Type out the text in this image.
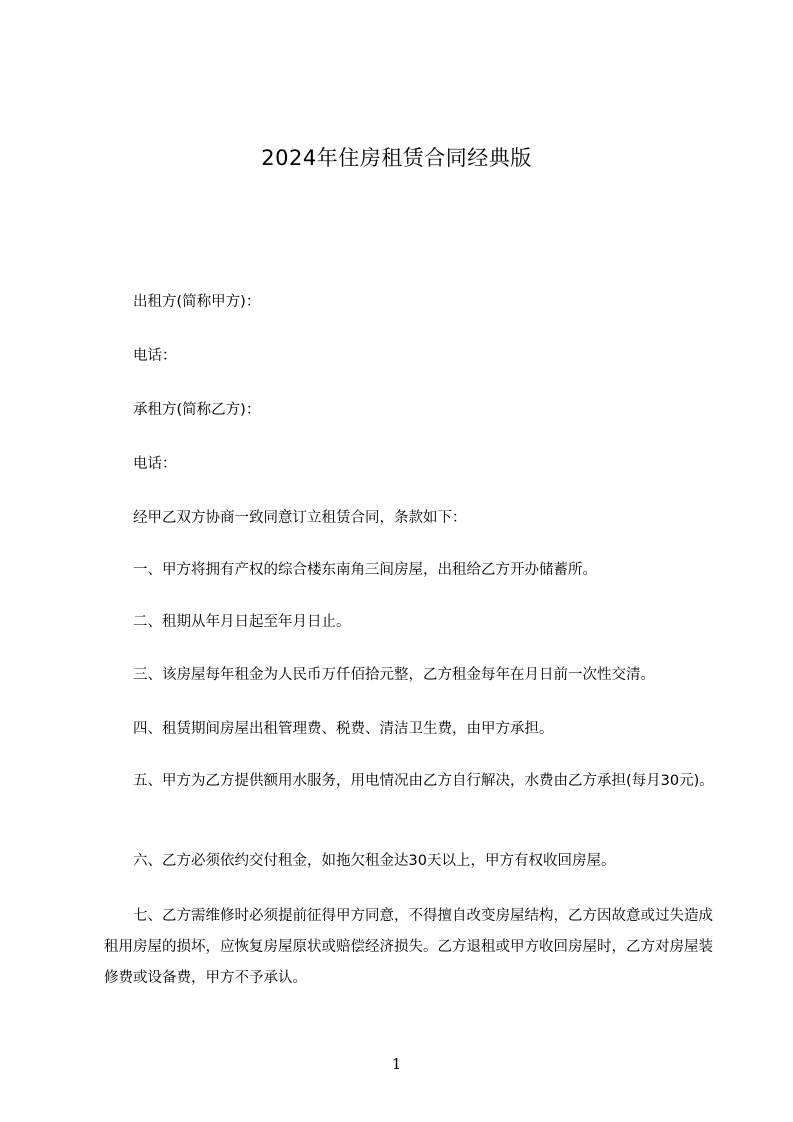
2024年住房租赁合同经典版

　　出租方(简称甲方)：

　　电话：

　　承租方(简称乙方)：

　　电话：

　　经甲乙双方协商一致同意订立租赁合同，条款如下：

　　一、甲方将拥有产权的综合楼东南角三间房屋，出租给乙方开办储蓄所。

　　二、租期从年月日起至年月日止。

　　三、该房屋每年租金为人民币万仟佰拾元整，乙方租金每年在月日前一次性交清。

　　四、租赁期间房屋出租管理费、税费、清洁卫生费，由甲方承担。

　　五、甲方为乙方提供额用水服务，用电情况由乙方自行解决，水费由乙方承担(每月30元)。

　　六、乙方必须依约交付租金，如拖欠租金达30天以上，甲方有权收回房屋。

　　七、乙方需维修时必须提前征得甲方同意，不得擅自改变房屋结构，乙方因故意或过失造成租用房屋的损坏，应恢复房屋原状或赔偿经济损失。乙方退租或甲方收回房屋时，乙方对房屋装修费或设备费，甲方不予承认。

1
